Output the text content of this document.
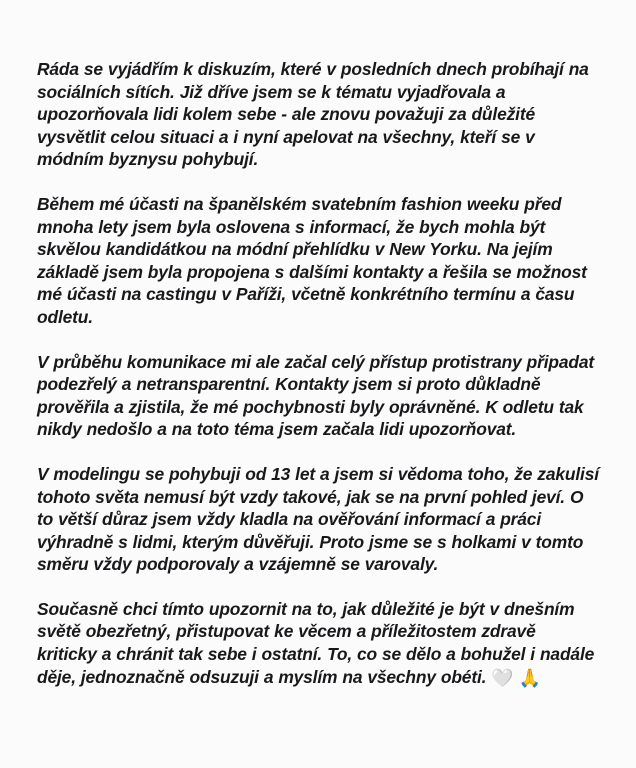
Ráda se vyjádřím k diskuzím, které v posledních dnech probíhají na sociálních sítích. Již dříve jsem se k tématu vyjadřovala a upozorňovala lidi kolem sebe - ale znovu považuji za důležité vysvětlit celou situaci a i nyní apelovat na všechny, kteří se v módním byznysu pohybují.

Během mé účasti na španělském svatebním fashion weeku před mnoha lety jsem byla oslovena s informací, že bych mohla být skvělou kandidátkou na módní přehlídku v New Yorku. Na jejím základě jsem byla propojena s dalšími kontakty a řešila se možnost mé účasti na castingu v Paříži, včetně konkrétního termínu a času odletu.

V průběhu komunikace mi ale začal celý přístup protistrany připadat podezřelý a netransparentní. Kontakty jsem si proto důkladně prověřila a zjistila, že mé pochybnosti byly oprávněné. K odletu tak nikdy nedošlo a na toto téma jsem začala lidi upozorňovat.

V modelingu se pohybuji od 13 let a jsem si vědoma toho, že zakulisí tohoto světa nemusí být vzdy takové, jak se na první pohled jeví. O to větší důraz jsem vždy kladla na ověřování informací a práci výhradně s lidmi, kterým důvěřuji. Proto jsme se s holkami v tomto směru vždy podporovaly a vzájemně se varovaly.

Současně chci tímto upozornit na to, jak důležité je být v dnešním světě obezřetný, přistupovat ke věcem a příležitostem zdravě kriticky a chránit tak sebe i ostatní. To, co se dělo a bohužel i nadále děje, jednoznačně odsuzuji a myslím na všechny obéti. 🤍 🙏
